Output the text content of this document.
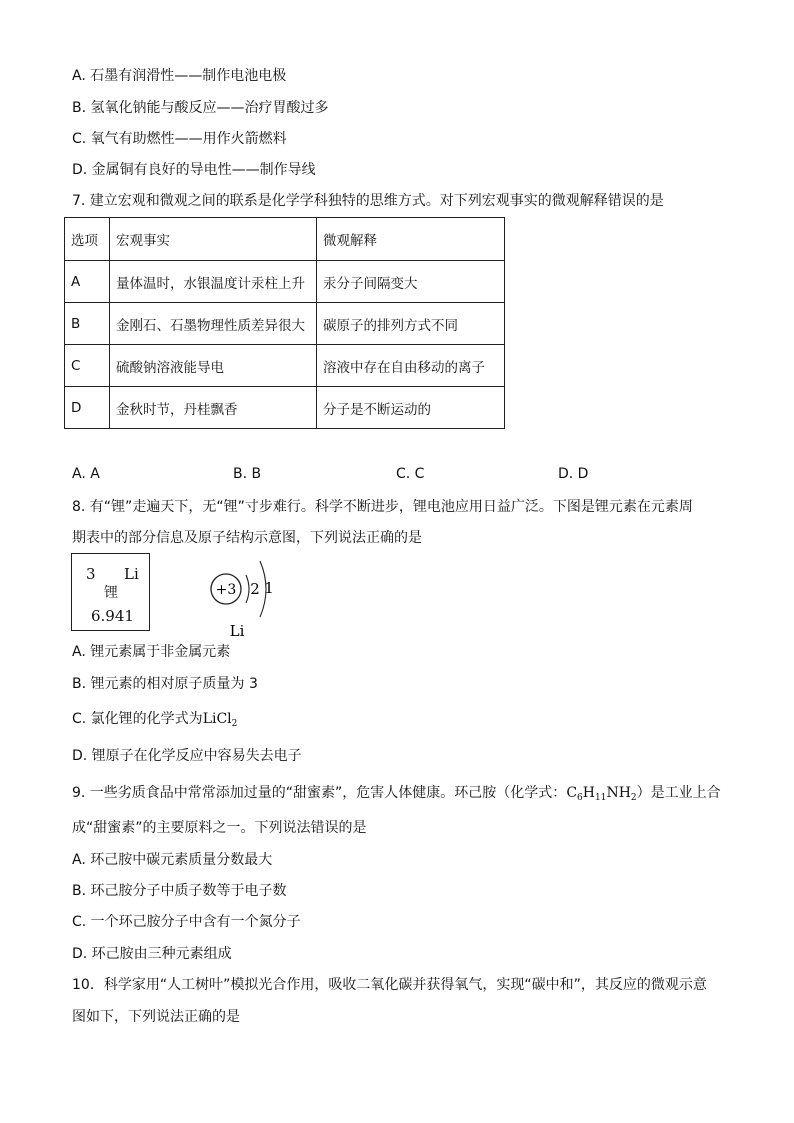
A. 石墨有润滑性——制作电池电极
B. 氢氧化钠能与酸反应——治疗胃酸过多
C. 氧气有助燃性——用作火箭燃料
D. 金属铜有良好的导电性——制作导线
7. 建立宏观和微观之间的联系是化学学科独特的思维方式。对下列宏观事实的微观解释错误的是
选项	宏观事实	微观解释
A	量体温时，水银温度计汞柱上升	汞分子间隔变大
B	金刚石、石墨物理性质差异很大	碳原子的排列方式不同
C	硫酸钠溶液能导电	溶液中存在自由移动的离子
D	金秋时节，丹桂飘香	分子是不断运动的
A. A	B. B	C. C	D. D
8. 有“锂”走遍天下，无“锂”寸步难行。科学不断进步，锂电池应用日益广泛。下图是锂元素在元素周
期表中的部分信息及原子结构示意图，下列说法正确的是
3 Li
锂
6.941
+3 2 1
Li
A. 锂元素属于非金属元素
B. 锂元素的相对原子质量为 3
C. 氯化锂的化学式为LiCl$_2$
D. 锂原子在化学反应中容易失去电子
9. 一些劣质食品中常常添加过量的“甜蜜素”，危害人体健康。环己胺（化学式：$C_6H_{11}NH_2$）是工业上合
成“甜蜜素”的主要原料之一。下列说法错误的是
A. 环己胺中碳元素质量分数最大
B. 环己胺分子中质子数等于电子数
C. 一个环己胺分子中含有一个氮分子
D. 环己胺由三种元素组成
10．科学家用“人工树叶”模拟光合作用，吸收二氧化碳并获得氧气，实现“碳中和”，其反应的微观示意
图如下，下列说法正确的是
